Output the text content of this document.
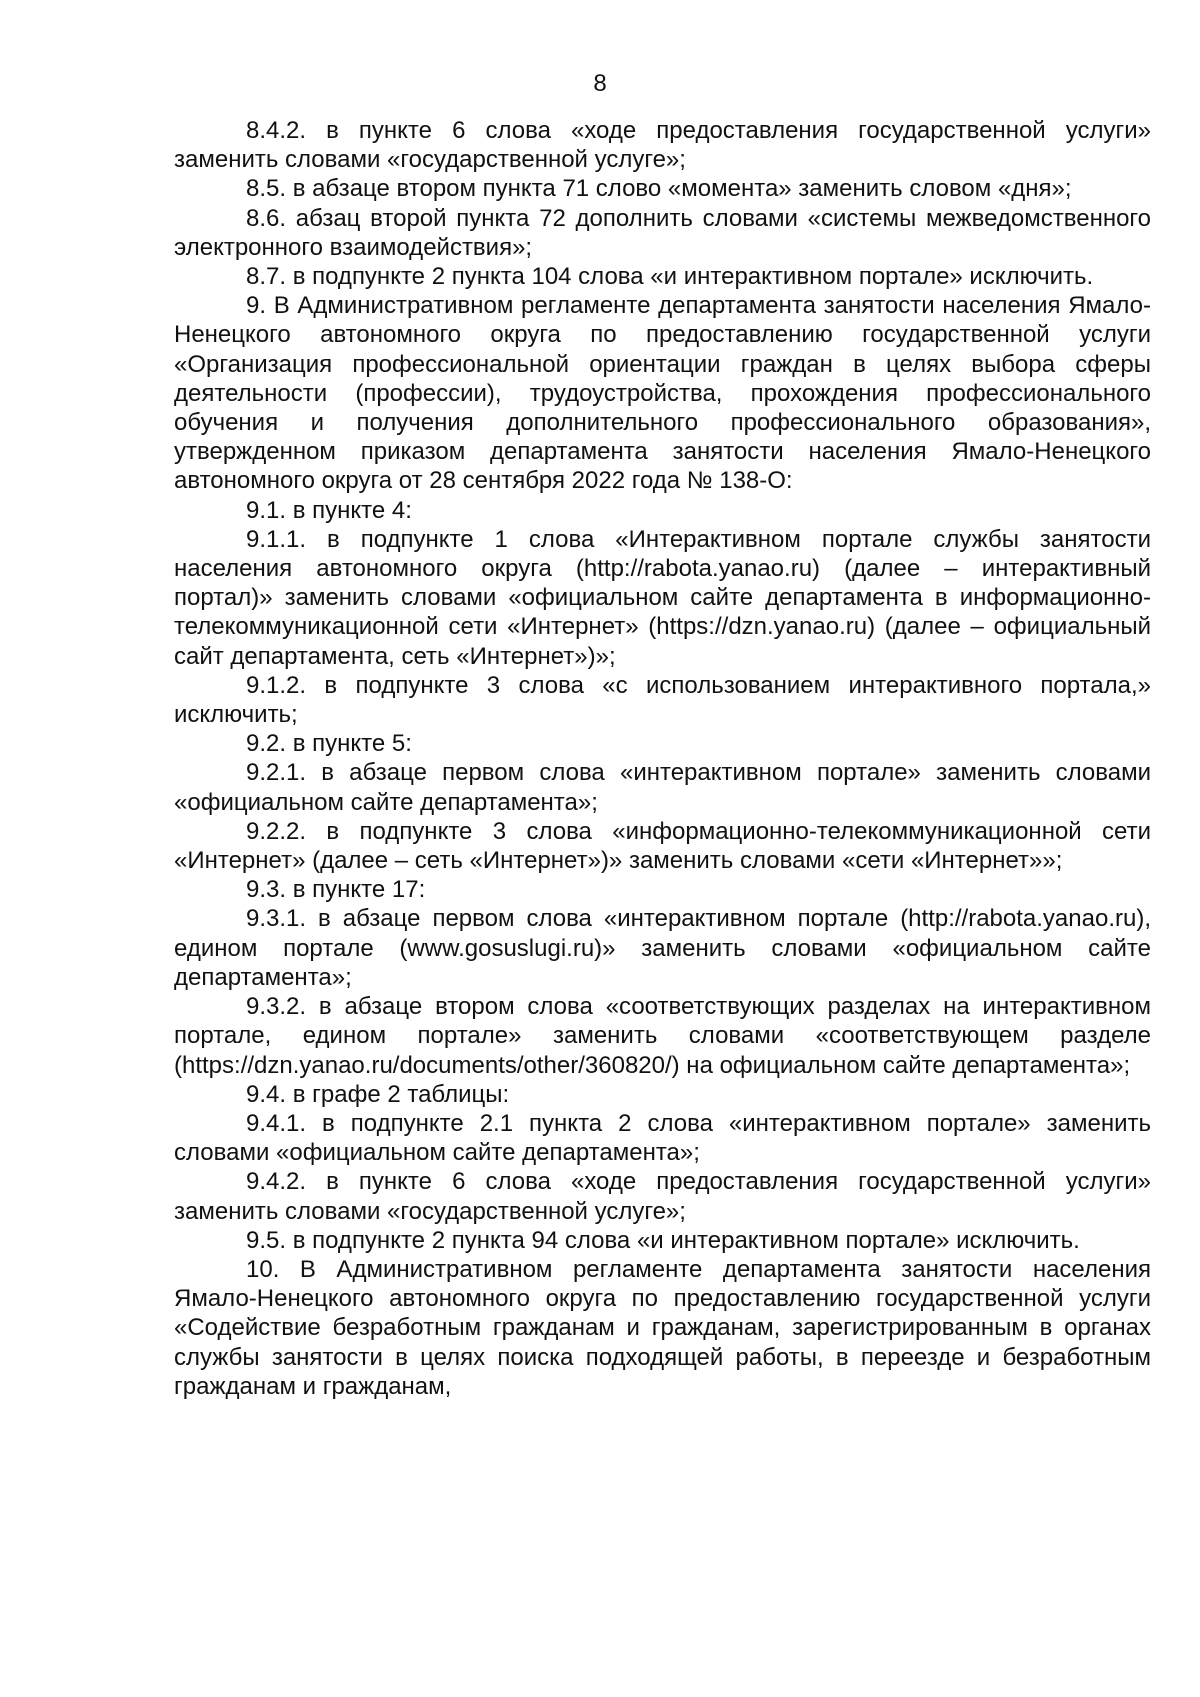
8

8.4.2. в пункте 6 слова «ходе предоставления государственной услуги» заменить словами «государственной услуге»;

8.5. в абзаце втором пункта 71 слово «момента» заменить словом «дня»;

8.6. абзац второй пункта 72 дополнить словами «системы межведомственного электронного взаимодействия»;

8.7. в подпункте 2 пункта 104 слова «и интерактивном портале» исключить.

9. В Административном регламенте департамента занятости населения Ямало-Ненецкого автономного округа по предоставлению государственной услуги «Организация профессиональной ориентации граждан в целях выбора сферы деятельности (профессии), трудоустройства, прохождения профессионального обучения и получения дополнительного профессионального образования», утвержденном приказом департамента занятости населения Ямало-Ненецкого автономного округа от 28 сентября 2022 года № 138-О:

9.1. в пункте 4:

9.1.1. в подпункте 1 слова «Интерактивном портале службы занятости населения автономного округа (http://rabota.yanao.ru) (далее – интерактивный портал)» заменить словами «официальном сайте департамента в информационно-телекоммуникационной сети «Интернет» (https://dzn.yanao.ru) (далее – официальный сайт департамента, сеть «Интернет»)»;

9.1.2. в подпункте 3 слова «с использованием интерактивного портала,» исключить;

9.2. в пункте 5:

9.2.1. в абзаце первом слова «интерактивном портале» заменить словами «официальном сайте департамента»;

9.2.2. в подпункте 3 слова «информационно-телекоммуникационной сети «Интернет» (далее – сеть «Интернет»)» заменить словами «сети «Интернет»»;

9.3. в пункте 17:

9.3.1. в абзаце первом слова «интерактивном портале (http://rabota.yanao.ru), едином портале (www.gosuslugi.ru)» заменить словами «официальном сайте департамента»;

9.3.2. в абзаце втором слова «соответствующих разделах на интерактивном портале, едином портале» заменить словами «соответствующем разделе (https://dzn.yanao.ru/documents/other/360820/) на официальном сайте департамента»;

9.4. в графе 2 таблицы:

9.4.1. в подпункте 2.1 пункта 2 слова «интерактивном портале» заменить словами «официальном сайте департамента»;

9.4.2. в пункте 6 слова «ходе предоставления государственной услуги» заменить словами «государственной услуге»;

9.5. в подпункте 2 пункта 94 слова «и интерактивном портале» исключить.

10. В Административном регламенте департамента занятости населения Ямало-Ненецкого автономного округа по предоставлению государственной услуги «Содействие безработным гражданам и гражданам, зарегистрированным в органах службы занятости в целях поиска подходящей работы, в переезде и безработным гражданам и гражданам,
